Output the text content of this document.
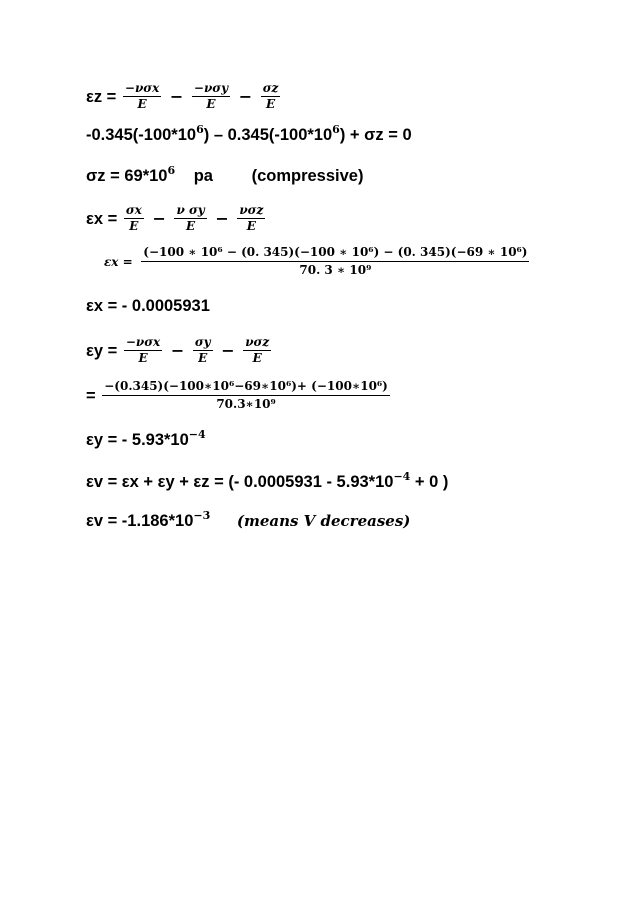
$\varepsilon z = \frac{\text{−νσx}}{E} - \frac{\text{−νσy}}{E} - \frac{\sigma z}{E}$
$-0.345(-100*10^6) - 0.345(-100*10^6) + \sigma z = 0$
$\sigma z = 69*10^6$ pa (compressive)
$\varepsilon x = \frac{\sigma x}{E} - \frac{\text{ν σy}}{E} - \frac{\text{νσz}}{E}$
$\varepsilon x = \frac{\text{(−100 ∗ 10⁶ − (0. 345)(−100 ∗ 10⁶) − (0. 345)(−69 ∗ 10⁶)}}{\text{70. 3 ∗ 10⁹}}$
εx = - 0.0005931
$\varepsilon y = \frac{\text{−νσx}}{E} - \frac{\sigma y}{E} - \frac{\text{νσz}}{E}$
= $\frac{\text{−(0.345)(−100∗10⁶−69∗10⁶)+ (−100∗10⁶)}}{\text{70.3∗10⁹}}$
εy = - $5.93*10^{-4}$
εv = εx + εy + εz = (- $0.0005931 - 5.93*10^{-4} + 0$ )
$\varepsilon v = -1.186*10^{-3}$ (means V decreases)
